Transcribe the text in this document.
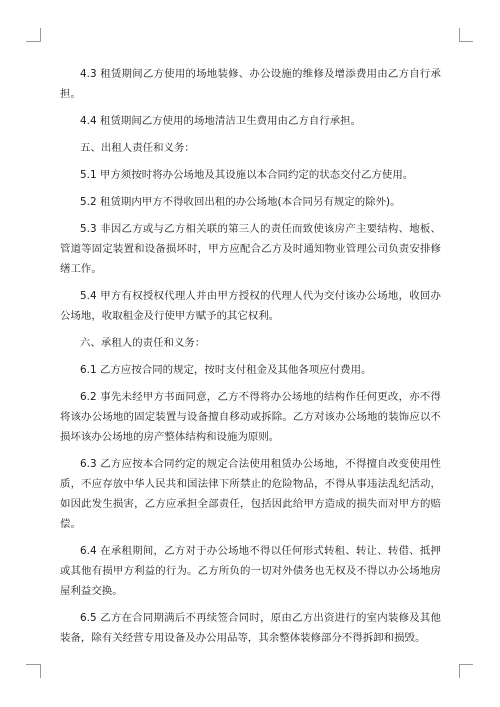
4.3 租赁期间乙方使用的场地装修、办公设施的维修及增添费用由乙方自行承担。

4.4 租赁期间乙方使用的场地清洁卫生费用由乙方自行承担。

五、出租人责任和义务：

5.1 甲方须按时将办公场地及其设施以本合同约定的状态交付乙方使用。

5.2 租赁期内甲方不得收回出租的办公场地(本合同另有规定的除外)。

5.3 非因乙方或与乙方相关联的第三人的责任而致使该房产主要结构、地板、管道等固定装置和设备损坏时，甲方应配合乙方及时通知物业管理公司负责安排修缮工作。

5.4 甲方有权授权代理人并由甲方授权的代理人代为交付该办公场地，收回办公场地，收取租金及行使甲方赋予的其它权利。

六、承租人的责任和义务：

6.1 乙方应按合同的规定，按时支付租金及其他各项应付费用。

6.2 事先未经甲方书面同意，乙方不得将办公场地的结构作任何更改，亦不得将该办公场地的固定装置与设备擅自移动或拆除。乙方对该办公场地的装饰应以不损坏该办公场地的房产整体结构和设施为原则。

6.3 乙方应按本合同约定的规定合法使用租赁办公场地，不得擅自改变使用性质，不应存放中华人民共和国法律下所禁止的危险物品，不得从事违法乱纪活动，如因此发生损害，乙方应承担全部责任，包括因此给甲方造成的损失而对甲方的赔偿。

6.4 在承租期间，乙方对于办公场地不得以任何形式转租、转让、转借、抵押或其他有损甲方利益的行为。乙方所负的一切对外债务也无权及不得以办公场地房屋利益交换。

6.5 乙方在合同期满后不再续签合同时，原由乙方出资进行的室内装修及其他装备，除有关经营专用设备及办公用品等，其余整体装修部分不得拆卸和损毁。
